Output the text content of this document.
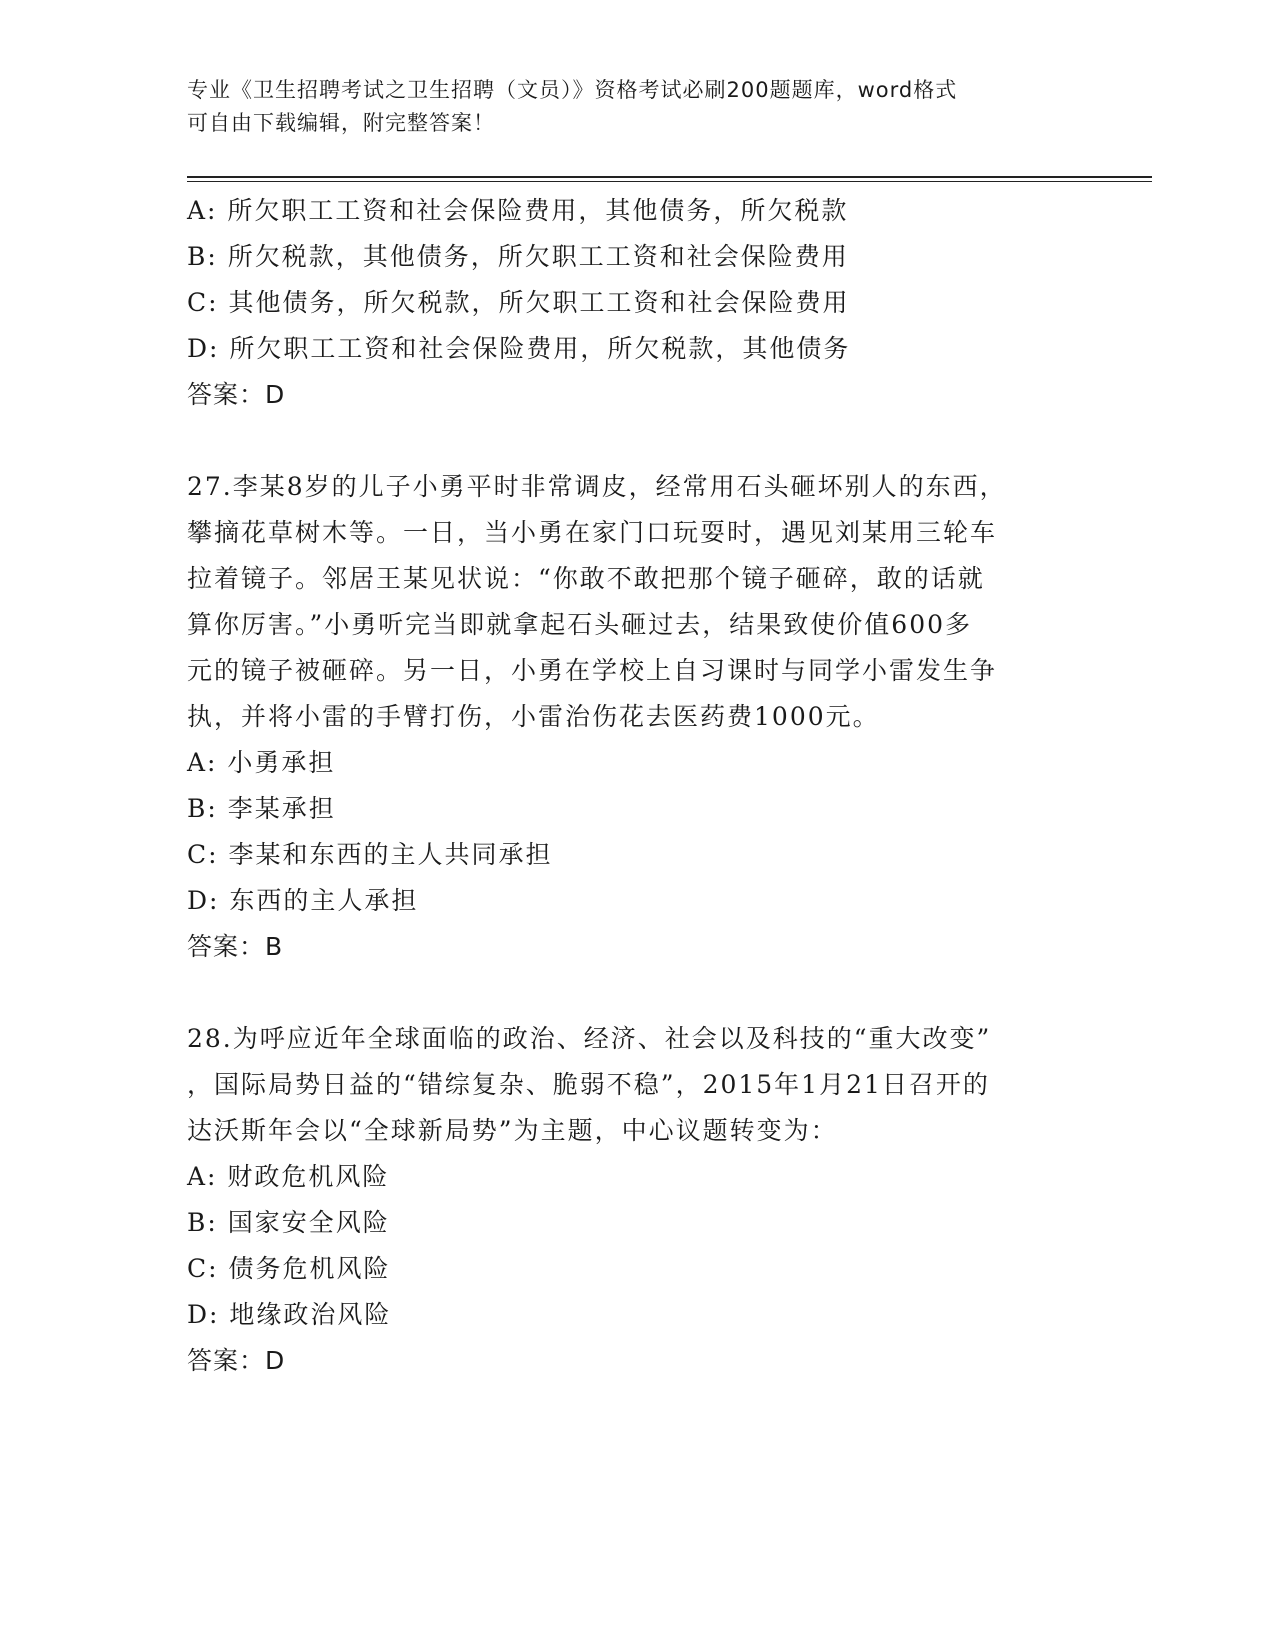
专业《卫生招聘考试之卫生招聘（文员）》资格考试必刷200题题库，word格式
可自由下载编辑，附完整答案！
A: 所欠职工工资和社会保险费用，其他债务，所欠税款
B: 所欠税款，其他债务，所欠职工工资和社会保险费用
C: 其他债务，所欠税款，所欠职工工资和社会保险费用
D: 所欠职工工资和社会保险费用，所欠税款，其他债务
答案：D
27.李某8岁的儿子小勇平时非常调皮，经常用石头砸坏别人的东西，
攀摘花草树木等。一日，当小勇在家门口玩耍时，遇见刘某用三轮车
拉着镜子。邻居王某见状说：“你敢不敢把那个镜子砸碎，敢的话就
算你厉害。”小勇听完当即就拿起石头砸过去，结果致使价值600多
元的镜子被砸碎。另一日，小勇在学校上自习课时与同学小雷发生争
执，并将小雷的手臂打伤，小雷治伤花去医药费1000元。
A: 小勇承担
B: 李某承担
C: 李某和东西的主人共同承担
D: 东西的主人承担
答案：B
28.为呼应近年全球面临的政治、经济、社会以及科技的“重大改变”
，国际局势日益的“错综复杂、脆弱不稳”，2015年1月21日召开的
达沃斯年会以“全球新局势”为主题，中心议题转变为：
A: 财政危机风险
B: 国家安全风险
C: 债务危机风险
D: 地缘政治风险
答案：D
